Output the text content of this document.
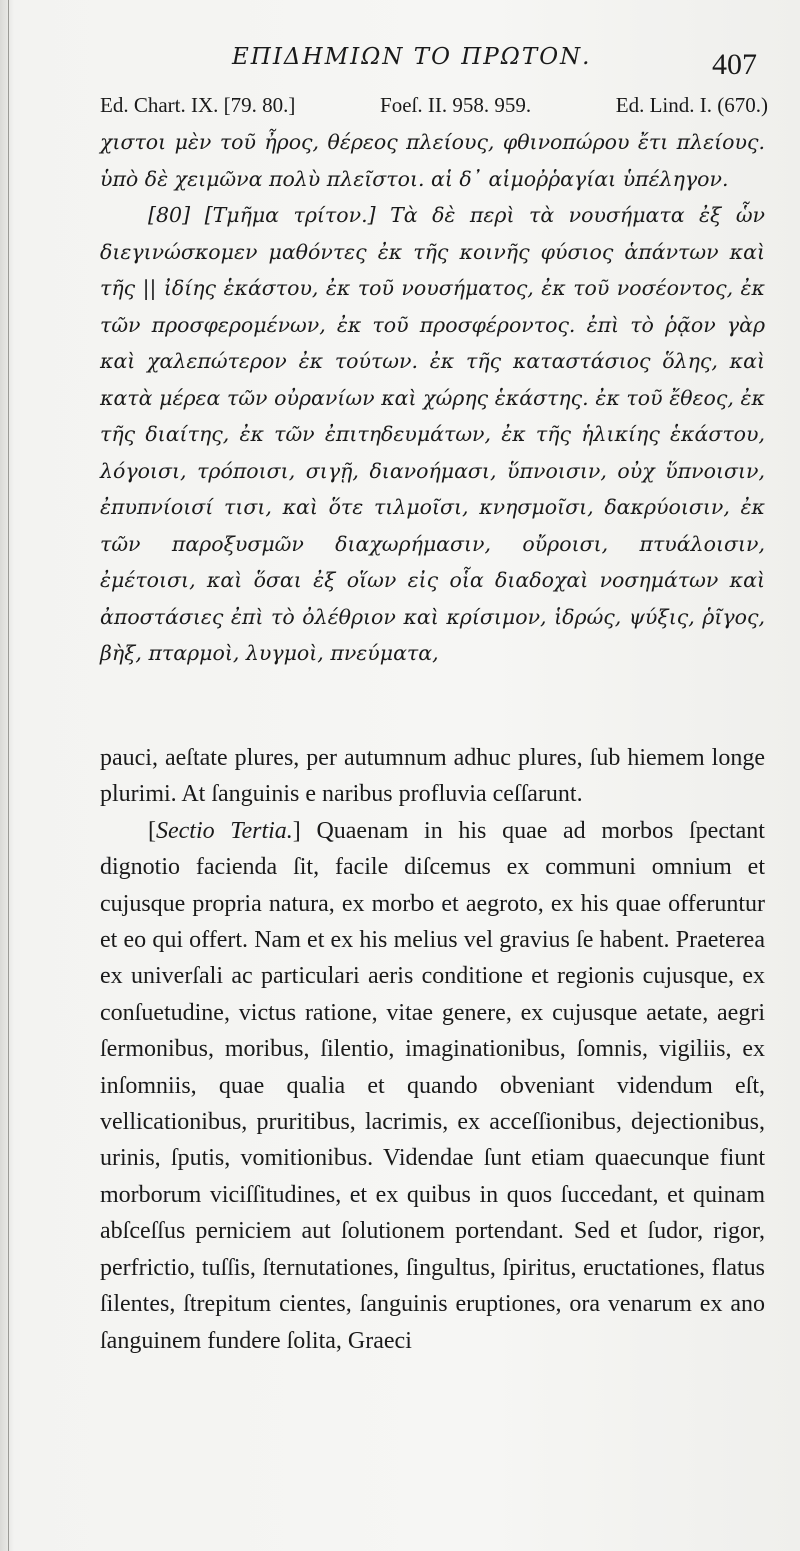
ΕΠΙΔΗΜΙΩΝ ΤΟ ΠΡΩΤΟΝ.	407
Ed. Chart. IX. [79. 80.]	Foeſ. II. 958. 959.	Ed. Lind. I. (670.)

χιστοι μὲν τοῦ ἦρος, θέρεος πλείους, φθινοπώρου ἔτι πλείους. ὑπὸ δὲ χειμῶνα πολὺ πλεῖστοι. αἱ δ᾽ αἱμοῤῥαγίαι ὑπέληγον.

[80] [Τμῆμα τρίτον.] Τὰ δὲ περὶ τὰ νουσήματα ἐξ ὧν διεγινώσκομεν μαθόντες ἐκ τῆς κοινῆς φύσιος ἁπάντων καὶ τῆς || ἰδίης ἑκάστου, ἐκ τοῦ νουσήματος, ἐκ τοῦ νοσέοντος, ἐκ τῶν προσφερομένων, ἐκ τοῦ προσφέροντος. ἐπὶ τὸ ῥᾷον γὰρ καὶ χαλεπώτερον ἐκ τούτων. ἐκ τῆς καταστάσιος ὅλης, καὶ κατὰ μέρεα τῶν οὐρανίων καὶ χώρης ἑκάστης. ἐκ τοῦ ἔθεος, ἐκ τῆς διαίτης, ἐκ τῶν ἐπιτηδευμάτων, ἐκ τῆς ἡλικίης ἑκάστου, λόγοισι, τρόποισι, σιγῇ, διανοήμασι, ὕπνοισιν, οὐχ ὕπνοισιν, ἐπυπνίοισί τισι, καὶ ὅτε τιλμοῖσι, κνησμοῖσι, δακρύοισιν, ἐκ τῶν παροξυσμῶν διαχωρήμασιν, οὔροισι, πτυάλοισιν, ἐμέτοισι, καὶ ὅσαι ἐξ οἵων εἰς οἷα διαδοχαὶ νοσημάτων καὶ ἀποστάσιες ἐπὶ τὸ ὀλέθριον καὶ κρίσιμον, ἱδρώς, ψύξις, ῥῖγος, βὴξ, πταρμοὶ, λυγμοὶ, πνεύματα,

pauci, aeſtate plures, per autumnum adhuc plures, ſub hiemem longe plurimi. At ſanguinis e naribus profluvia ceſſarunt.

[Sectio Tertia.] Quaenam in his quae ad morbos ſpectant dignotio facienda ſit, facile diſcemus ex communi omnium et cujusque propria natura, ex morbo et aegroto, ex his quae offeruntur et eo qui offert. Nam et ex his melius vel gravius ſe habent. Praeterea ex univerſali ac particulari aeris conditione et regionis cujusque, ex conſuetudine, victus ratione, vitae genere, ex cujusque aetate, aegri ſermonibus, moribus, ſilentio, imaginationibus, ſomnis, vigiliis, ex inſomniis, quae qualia et quando obveniant videndum eſt, vellicationibus, pruritibus, lacrimis, ex acceſſionibus, dejectionibus, urinis, ſputis, vomitionibus. Videndae ſunt etiam quaecunque fiunt morborum viciſſitudines, et ex quibus in quos ſuccedant, et quinam abſceſſus perniciem aut ſolutionem portendant. Sed et ſudor, rigor, perfrictio, tuſſis, ſternutationes, ſingultus, ſpiritus, eructationes, flatus ſilentes, ſtrepitum cientes, ſanguinis eruptiones, ora venarum ex ano ſanguinem fundere ſolita, Graeci
